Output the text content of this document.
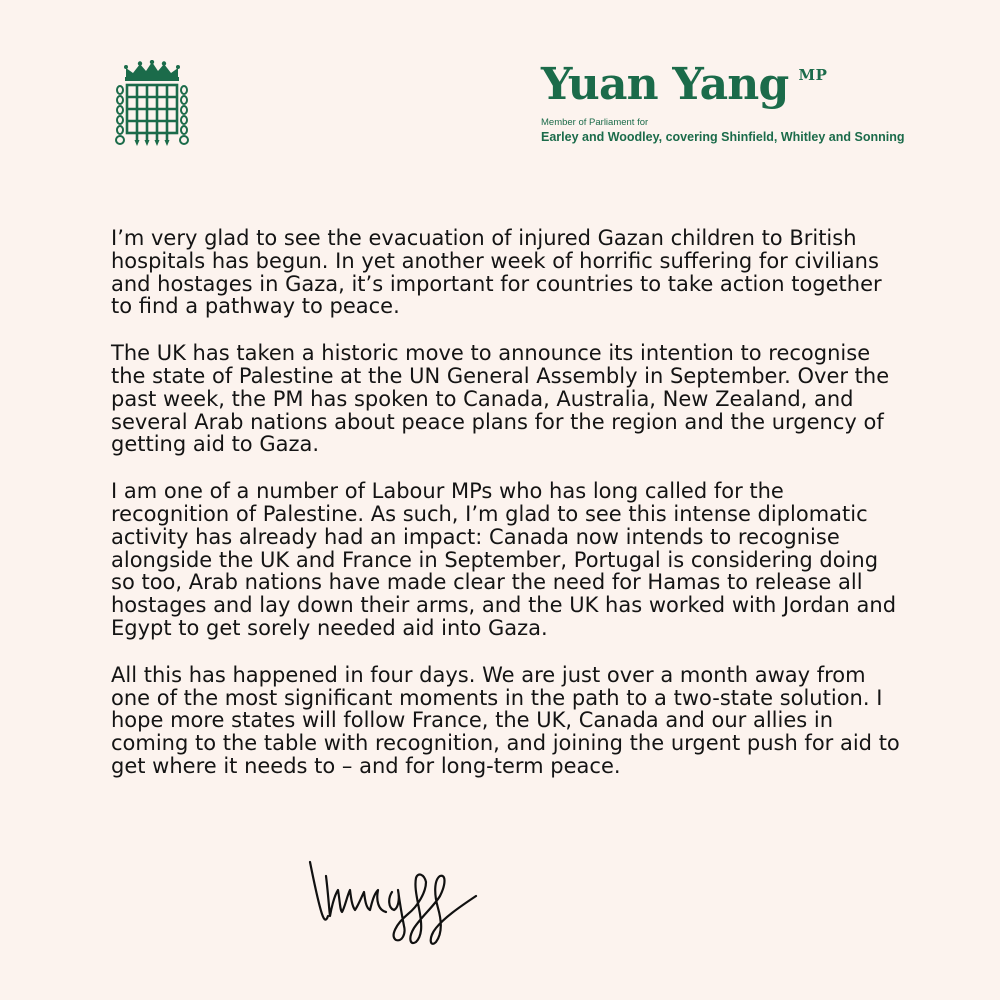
Yuan Yang MP
Member of Parliament for
Earley and Woodley, covering Shinfield, Whitley and Sonning

I’m very glad to see the evacuation of injured Gazan children to British hospitals has begun. In yet another week of horrific suffering for civilians and hostages in Gaza, it’s important for countries to take action together to find a pathway to peace.

The UK has taken a historic move to announce its intention to recognise the state of Palestine at the UN General Assembly in September. Over the past week, the PM has spoken to Canada, Australia, New Zealand, and several Arab nations about peace plans for the region and the urgency of getting aid to Gaza.

I am one of a number of Labour MPs who has long called for the recognition of Palestine. As such, I’m glad to see this intense diplomatic activity has already had an impact: Canada now intends to recognise alongside the UK and France in September, Portugal is considering doing so too, Arab nations have made clear the need for Hamas to release all hostages and lay down their arms, and the UK has worked with Jordan and Egypt to get sorely needed aid into Gaza.

All this has happened in four days. We are just over a month away from one of the most significant moments in the path to a two-state solution. I hope more states will follow France, the UK, Canada and our allies in coming to the table with recognition, and joining the urgent push for aid to get where it needs to – and for long-term peace.
